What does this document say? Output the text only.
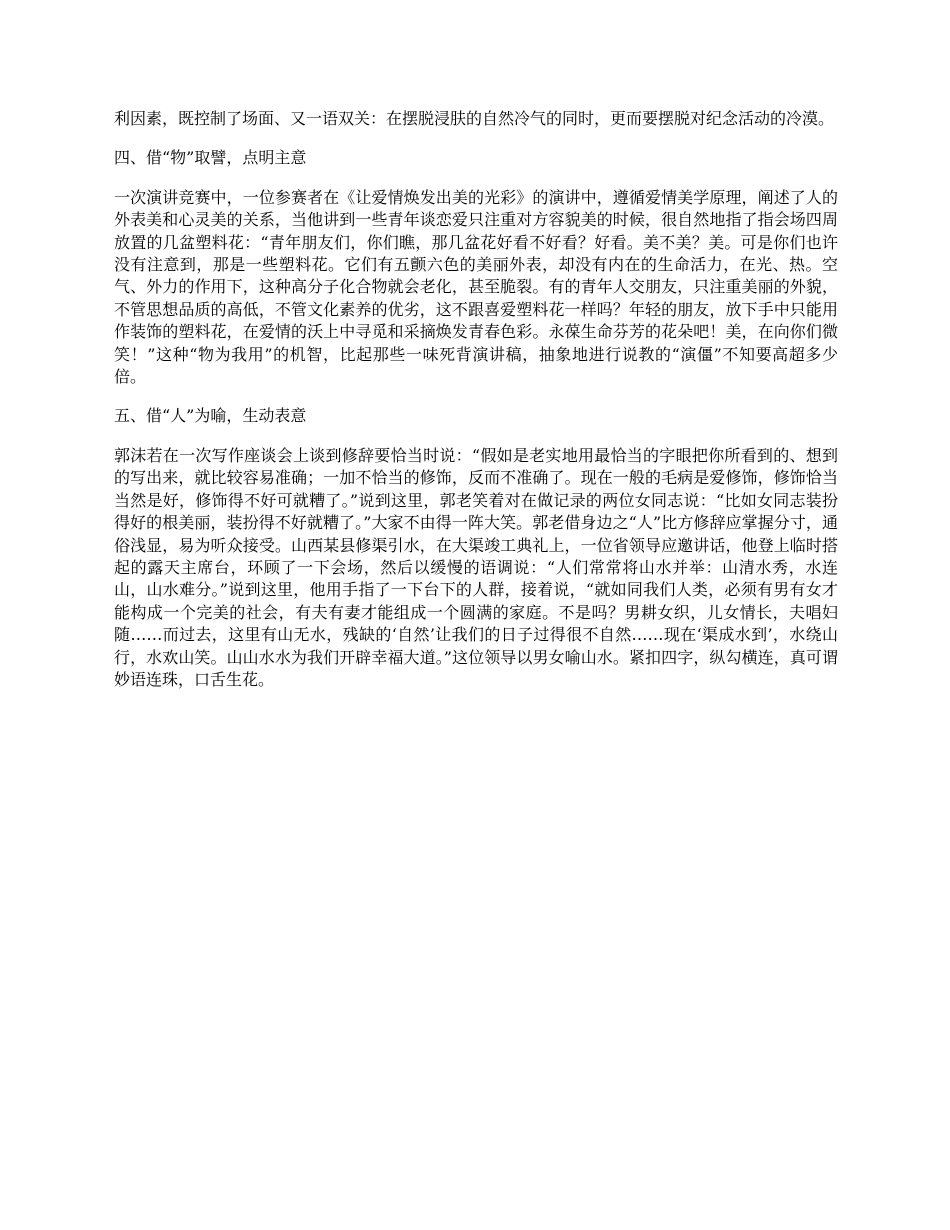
利因素，既控制了场面、又一语双关：在摆脱浸肤的自然冷气的同时，更而要摆脱对纪念活动的冷漠。

四、借“物”取譬，点明主意

一次演讲竞赛中，一位参赛者在《让爱情焕发出美的光彩》的演讲中，遵循爱情美学原理，阐述了人的外表美和心灵美的关系，当他讲到一些青年谈恋爱只注重对方容貌美的时候，很自然地指了指会场四周放置的几盆塑料花：“青年朋友们，你们瞧，那几盆花好看不好看？好看。美不美？美。可是你们也许没有注意到，那是一些塑料花。它们有五颤六色的美丽外表，却没有内在的生命活力，在光、热。空气、外力的作用下，这种高分子化合物就会老化，甚至脆裂。有的青年人交朋友，只注重美丽的外貌，不管思想品质的高低，不管文化素养的优劣，这不跟喜爱塑料花一样吗？年轻的朋友，放下手中只能用作装饰的塑料花，在爱情的沃上中寻觅和采摘焕发青春色彩。永葆生命芬芳的花朵吧！美，在向你们微笑！”这种“物为我用”的机智，比起那些一味死背演讲稿，抽象地进行说教的“演僵”不知要高超多少倍。

五、借“人”为喻，生动表意

郭沫若在一次写作座谈会上谈到修辞要恰当时说：“假如是老实地用最恰当的字眼把你所看到的、想到的写出来，就比较容易准确；一加不恰当的修饰，反而不准确了。现在一般的毛病是爱修饰，修饰恰当当然是好，修饰得不好可就糟了。”说到这里，郭老笑着对在做记录的两位女同志说：“比如女同志装扮得好的根美丽，装扮得不好就糟了。”大家不由得一阵大笑。郭老借身边之“人”比方修辞应掌握分寸，通俗浅显，易为听众接受。山西某县修渠引水，在大渠竣工典礼上，一位省领导应邀讲话，他登上临时搭起的露天主席台，环顾了一下会场，然后以缓慢的语调说：“人们常常将山水并举：山清水秀，水连山，山水难分。”说到这里，他用手指了一下台下的人群，接着说，“就如同我们人类，必须有男有女才能构成一个完美的社会，有夫有妻才能组成一个圆满的家庭。不是吗？男耕女织，儿女情长，夫唱妇随……而过去，这里有山无水，残缺的‘自然’让我们的日子过得很不自然……现在‘渠成水到’，水绕山行，水欢山笑。山山水水为我们开辟幸福大道。”这位领导以男女喻山水。紧扣四字，纵勾横连，真可谓妙语连珠，口舌生花。
